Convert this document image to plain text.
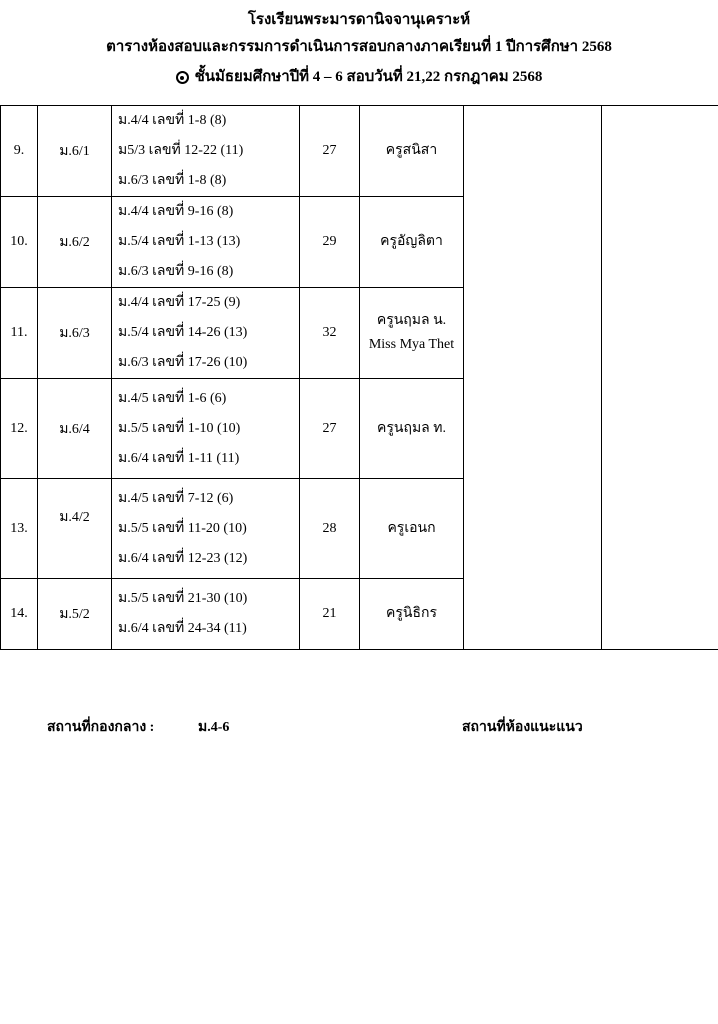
โรงเรียนพระมารดานิจจานุเคราะห์
ตารางห้องสอบและกรรมการดำเนินการสอบกลางภาคเรียนที่ 1 ปีการศึกษา 2568
ชั้นมัธยมศึกษาปีที่ 4 – 6 สอบวันที่ 21,22 กรกฎาคม 2568
9.	ม.6/1	ม.4/4 เลขที่ 1-8 (8)
ม5/3 เลขที่ 12-22 (11)
ม.6/3 เลขที่ 1-8 (8)	27	ครูสนิสา		

10.	ม.6/2	ม.4/4 เลขที่ 9-16 (8)
ม.5/4 เลขที่ 1-13 (13)
ม.6/3 เลขที่ 9-16 (8)	29	ครูอัญลิตา		

11.	ม.6/3	ม.4/4 เลขที่ 17-25 (9)
ม.5/4 เลขที่ 14-26 (13)
ม.6/3 เลขที่ 17-26 (10)	32	ครูนฤมล น.
Miss Mya Thet		

12.	ม.6/4	ม.4/5 เลขที่ 1-6 (6)
ม.5/5 เลขที่ 1-10 (10)
ม.6/4 เลขที่ 1-11 (11)	27	ครูนฤมล ท.		

13.	ม.4/2	ม.4/5 เลขที่ 7-12 (6)
ม.5/5 เลขที่ 11-20 (10)
ม.6/4 เลขที่ 12-23 (12)	28	ครูเอนก		

14.	ม.5/2	ม.5/5 เลขที่ 21-30 (10)
ม.6/4 เลขที่ 24-34 (11)	21	ครูนิธิกร		
สถานที่กองกลาง :	ม.4-6	สถานที่ห้องแนะแนว
